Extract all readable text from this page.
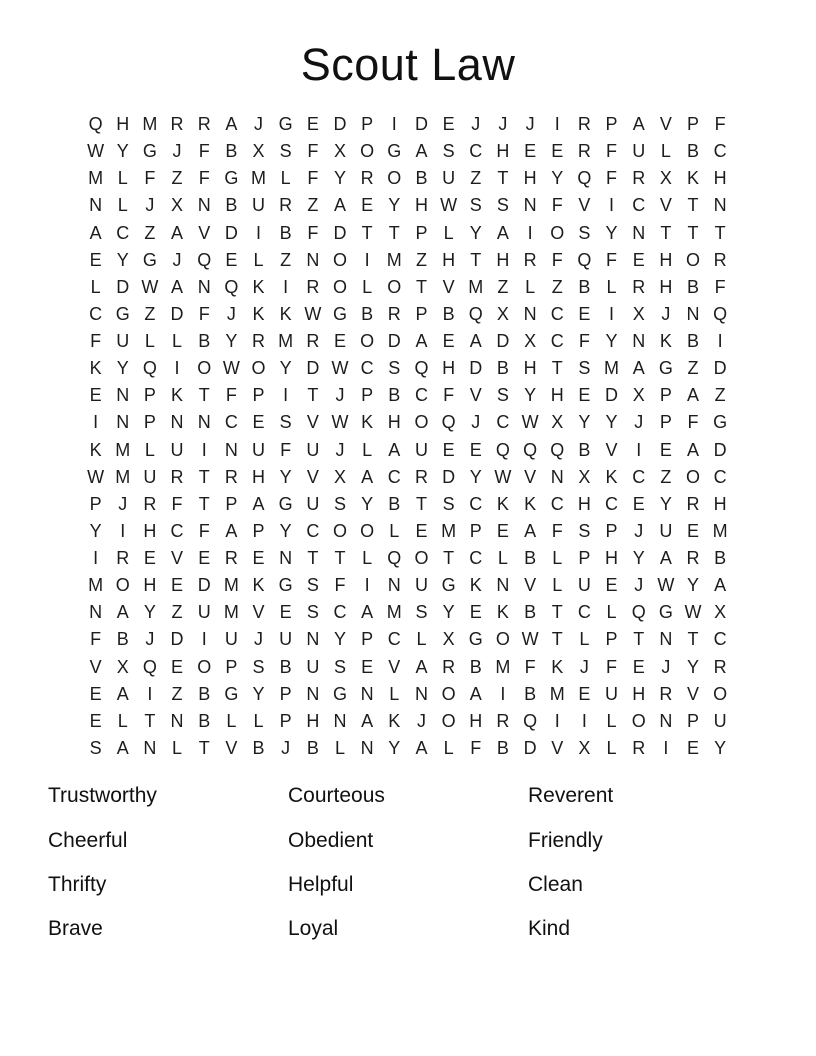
Scout Law
Q H M R R A J G E D P	I	D E J	J	J	I	R P A V P F
W Y G J F B X S F X O G A S C H E E R F U L B C
M L F Z F G M L F Y R O B U Z T H Y Q F R X K H
N L J X N B U R Z A E Y H W S S N F V	I	C V T N
A C Z A V D	I	B F D T T P L Y A	I O S Y N T T T
E Y G J Q E L Z N O I M Z H T H R F Q F E H O R
L D W A N Q K	I	R O L O T V M Z L Z B L R H B F
C G Z D F J K K W G B R P B Q X N C E	I	X J N Q
F U L L B Y R M R E O D A E A D X C F Y N K B	I
K Y Q I O W O Y D W C S Q H D B H T S M A G Z D
E N P K T F P	I	T J P B C F V S Y H E D X P A Z
I	N P N N C E S V W K H O Q J C W X Y Y J P F G
K M L U	I	N U F U J L A U E E Q Q Q B V	I	E A D
W M U R T R H Y V X A C R D Y W V N X K C Z O C
P J R F T P A G U S Y B T S C K K C H C E Y R H
Y	I	H C F A P Y C O O L E M P E A F S P J U E M
I	R E V E R E N T T L Q O T C L B L P H Y A R B
M O H E D M K G S F	I	N U G K N V L U E J W Y A
N A Y Z U M V E S C A M S Y E K B T C L Q G W X
F B J D	I	U J U N Y P C L X G O W T L P T N T C
V X Q E O P S B U S E V A R B M F K J F E J Y R
E A	I	Z B G Y P N G N L N O A	I	B M E U H R V O
E L T N B L L P H N A K J O H R Q I	I	L O N P U
S A N L T V B J B L N Y A L F B D V X L R	I	E Y
Trustworthy
Cheerful
Thrifty
Brave
Courteous
Obedient
Helpful
Loyal
Reverent
Friendly
Clean
Kind
